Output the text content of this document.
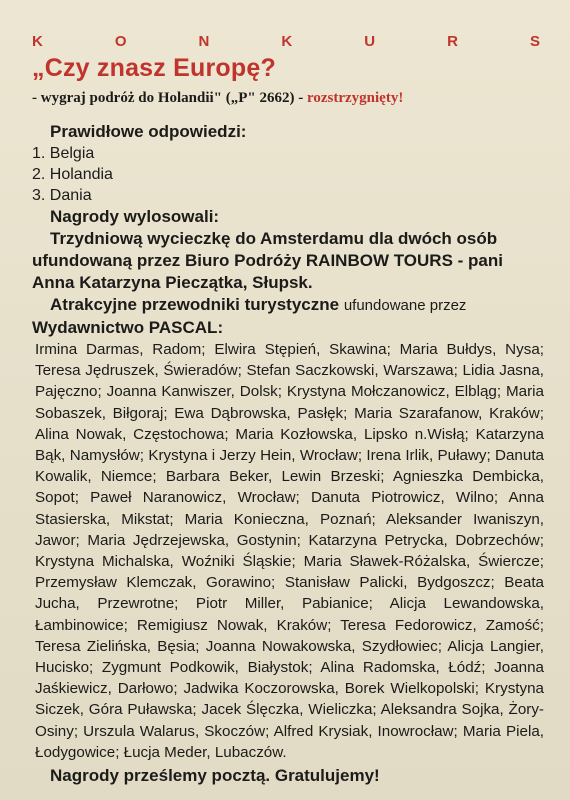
K	O	N	K	U	R	S
„Czy znasz Europę?

- wygraj podróż do Holandii" („P" 2662) - rozstrzygnięty!

Prawidłowe odpowiedzi:

1. Belgia
2. Holandia
3. Dania

Nagrody wylosowali:

Trzydniową wycieczkę do Amsterdamu dla dwóch osób ufundowaną przez Biuro Podróży RAINBOW TOURS - pani Anna Katarzyna Pieczątka, Słupsk.

Atrakcyjne przewodniki turystyczne ufundowane przez Wydawnictwo PASCAL:

Irmina Darmas, Radom; Elwira Stępień, Skawina; Maria Bułdys, Nysa; Teresa Jędruszek, Świeradów; Stefan Saczkowski, Warszawa; Lidia Jasna, Pajęczno; Joanna Kanwiszer, Dolsk; Krystyna Mołczanowicz, Elbląg; Maria Sobaszek, Biłgoraj; Ewa Dąbrowska, Pasłęk; Maria Szarafanow, Kraków; Alina Nowak, Częstochowa; Maria Kozłowska, Lipsko n.Wisłą; Katarzyna Bąk, Namysłów; Krystyna i Jerzy Hein, Wrocław; Irena Irlik, Puławy; Danuta Kowalik, Niemce; Barbara Beker, Lewin Brzeski; Agnieszka Dembicka, Sopot; Paweł Naranowicz, Wrocław; Danuta Piotrowicz, Wilno; Anna Stasierska, Mikstat; Maria Konieczna, Poznań; Aleksander Iwaniszyn, Jawor; Maria Jędrzejewska, Gostynin; Katarzyna Petrycka, Dobrzechów; Krystyna Michalska, Woźniki Śląskie; Maria Sławek-Różalska, Świercze; Przemysław Klemczak, Gorawino; Stanisław Palicki, Bydgoszcz; Beata Jucha, Przewrotne; Piotr Miller, Pabianice; Alicja Lewandowska, Łambinowice; Remigiusz Nowak, Kraków; Teresa Fedorowicz, Zamość; Teresa Zielińska, Bęsia; Joanna Nowakowska, Szydłowiec; Alicja Langier, Hucisko; Zygmunt Podkowik, Białystok; Alina Radomska, Łódź; Joanna Jaśkiewicz, Darłowo; Jadwika Koczorowska, Borek Wielkopolski; Krystyna Siczek, Góra Puławska; Jacek Ślęczka, Wieliczka; Aleksandra Sojka, Żory-Osiny; Urszula Walarus, Skoczów; Alfred Krysiak, Inowrocław; Maria Piela, Łodygowice; Łucja Meder, Lubaczów.

Nagrody prześlemy pocztą. Gratulujemy!
